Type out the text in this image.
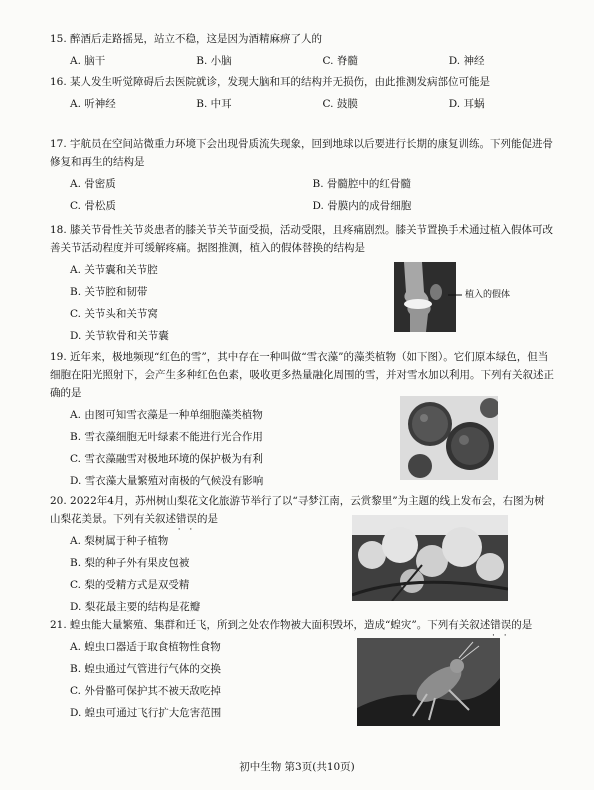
15. 醉酒后走路摇晃，站立不稳，这是因为酒精麻痹了人的
A. 脑干	B. 小脑	C. 脊髓	D. 神经
16. 某人发生听觉障碍后去医院就诊，发现大脑和耳的结构并无损伤，由此推测发病部位可能是
A. 听神经	B. 中耳	C. 鼓膜	D. 耳蜗
17. 宇航员在空间站微重力环境下会出现骨质流失现象，回到地球以后要进行长期的康复训练。下列能促进骨修复和再生的结构是
A. 骨密质	B. 骨髓腔中的红骨髓
C. 骨松质	D. 骨膜内的成骨细胞
18. 膝关节骨性关节炎患者的膝关节关节面受损，活动受限，且疼痛剧烈。膝关节置换手术通过植入假体可改善关节活动程度并可缓解疼痛。据图推测，植入的假体替换的结构是
A. 关节囊和关节腔
B. 关节腔和韧带
C. 关节头和关节窝
D. 关节软骨和关节囊
植入的假体
19. 近年来，极地频现“红色的雪”，其中存在一种叫做“雪衣藻”的藻类植物（如下图）。它们原本绿色，但当细胞在阳光照射下，会产生多种红色色素，吸收更多热量融化周围的雪，并对雪水加以利用。下列有关叙述正确的是
A. 由图可知雪衣藻是一种单细胞藻类植物
B. 雪衣藻细胞无叶绿素不能进行光合作用
C. 雪衣藻融雪对极地环境的保护极为有利
D. 雪衣藻大量繁殖对南极的气候没有影响
20. 2022年4月，苏州树山梨花文化旅游节举行了以“寻梦江南，云赏黎里”为主题的线上发布会，右图为树山梨花美景。下列有关叙述错误 · ·的是
A. 梨树属于种子植物
B. 梨的种子外有果皮包被
C. 梨的受精方式是双受精
D. 梨花最主要的结构是花瓣
21. 蝗虫能大量繁殖、集群和迁飞，所到之处农作物被大面积毁坏，造成“蝗灾”。下列有关叙述错误 · ·的是
A. 蝗虫口器适于取食植物性食物
B. 蝗虫通过气管进行气体的交换
C. 外骨骼可保护其不被天敌吃掉
D. 蝗虫可通过飞行扩大危害范围
初中生物 第3页(共10页)
